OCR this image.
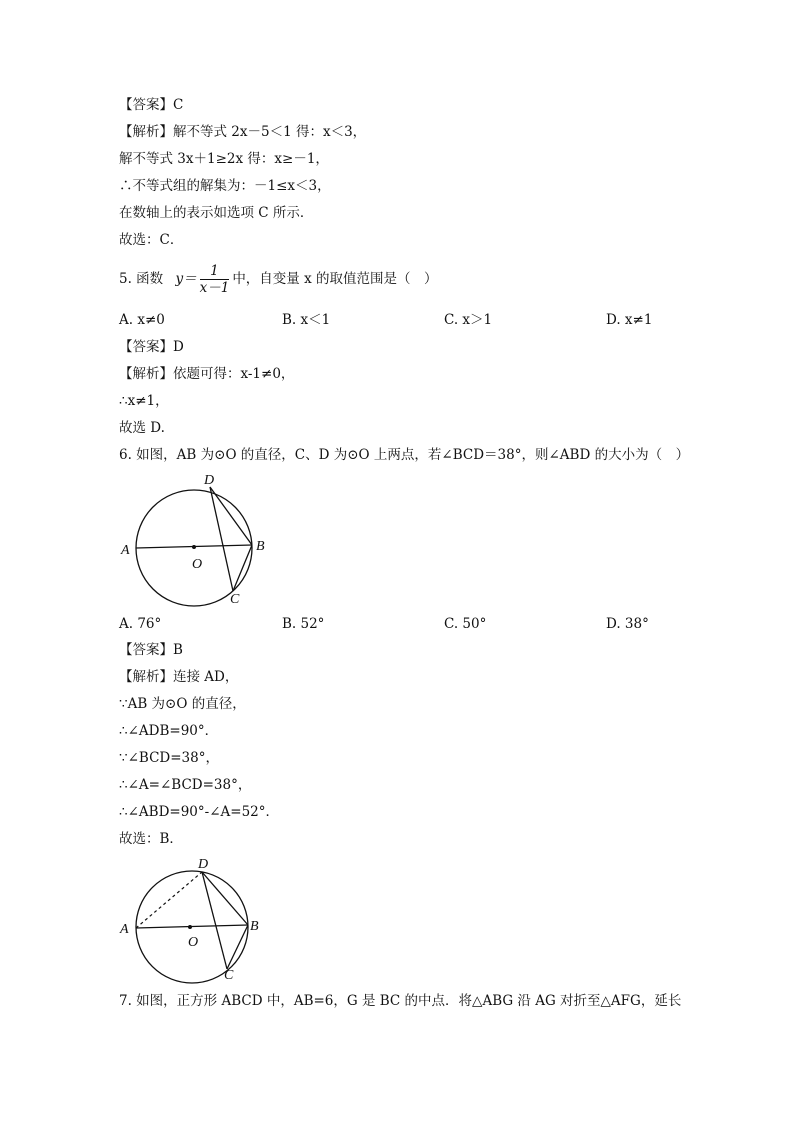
【答案】C
【解析】解不等式 2x－5＜1 得：x＜3，
解不等式 3x＋1≥2x 得：x≥－1，
∴不等式组的解集为：－1≤x＜3，
在数轴上的表示如选项 C 所示．
故选：C．
5. 函数 $y= \frac{1}{x-1}$ 中，自变量 x 的取值范围是（　）
A. x≠0	B. x＜1	C. x＞1	D. x≠1
【答案】D
【解析】依题可得：x-1≠0，
∴x≠1，
故选 D.
6. 如图，AB 为⊙O 的直径，C、D 为⊙O 上两点，若∠BCD＝38°，则∠ABD 的大小为（　）
A	B
C
D
O
A. 76°	B. 52°	C. 50°	D. 38°
【答案】B
【解析】连接 AD，
∵AB 为⊙O 的直径，
∴∠ADB=90°．
∵∠BCD=38°，
∴∠A=∠BCD=38°，
∴∠ABD=90°-∠A=52°．
故选：B．
A	B
C
D
O
7. 如图，正方形 ABCD 中，AB=6，G 是 BC 的中点．将△ABG 沿 AG 对折至△AFG，延长
